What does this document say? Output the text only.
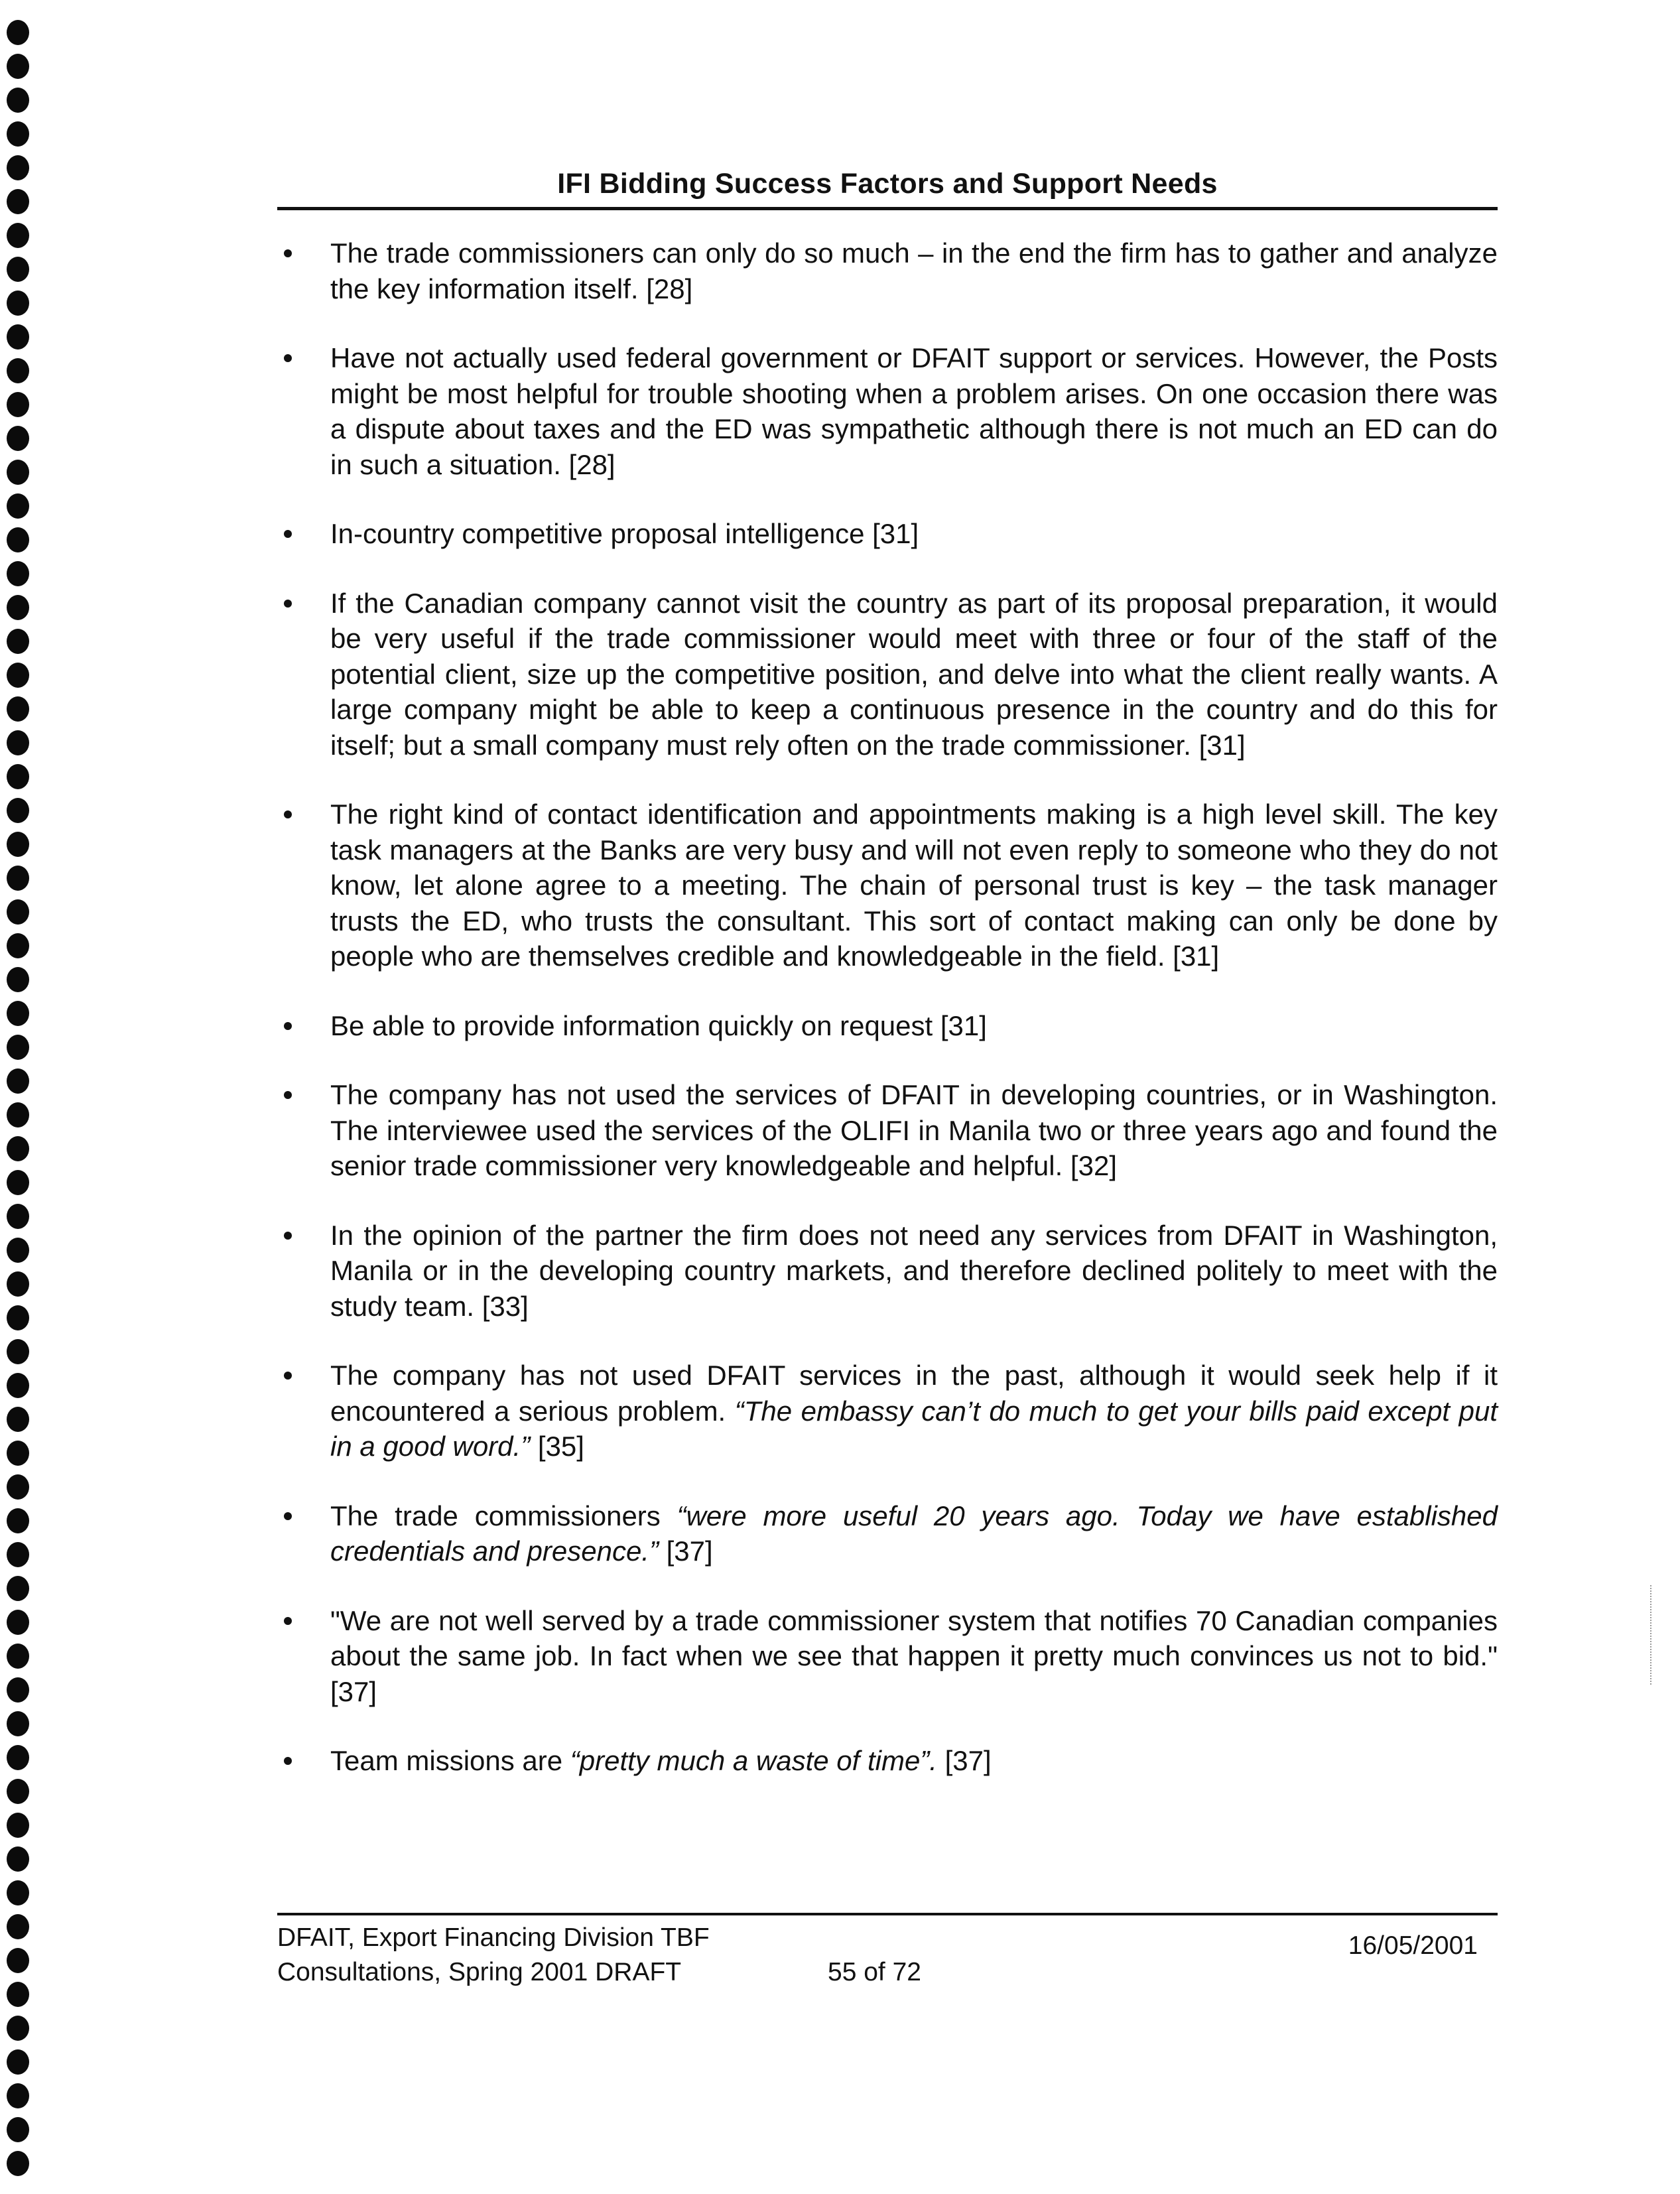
IFI Bidding Success Factors and Support Needs
The trade commissioners can only do so much – in the end the firm has to gather and analyze the key information itself. [28]
Have not actually used federal government or DFAIT support or services. However, the Posts might be most helpful for trouble shooting when a problem arises. On one occasion there was a dispute about taxes and the ED was sympathetic although there is not much an ED can do in such a situation. [28]
In-country competitive proposal intelligence [31]
If the Canadian company cannot visit the country as part of its proposal preparation, it would be very useful if the trade commissioner would meet with three or four of the staff of the potential client, size up the competitive position, and delve into what the client really wants. A large company might be able to keep a continuous presence in the country and do this for itself; but a small company must rely often on the trade commissioner. [31]
The right kind of contact identification and appointments making is a high level skill. The key task managers at the Banks are very busy and will not even reply to someone who they do not know, let alone agree to a meeting. The chain of personal trust is key – the task manager trusts the ED, who trusts the consultant. This sort of contact making can only be done by people who are themselves credible and knowledgeable in the field. [31]
Be able to provide information quickly on request [31]
The company has not used the services of DFAIT in developing countries, or in Washington. The interviewee used the services of the OLIFI in Manila two or three years ago and found the senior trade commissioner very knowledgeable and helpful. [32]
In the opinion of the partner the firm does not need any services from DFAIT in Washington, Manila or in the developing country markets, and therefore declined politely to meet with the study team. [33]
The company has not used DFAIT services in the past, although it would seek help if it encountered a serious problem. “The embassy can’t do much to get your bills paid except put in a good word.” [35]
The trade commissioners “were more useful 20 years ago. Today we have established credentials and presence.” [37]
"We are not well served by a trade commissioner system that notifies 70 Canadian companies about the same job. In fact when we see that happen it pretty much convinces us not to bid." [37]
Team missions are “pretty much a waste of time”. [37]
DFAIT, Export Financing Division TBF
Consultations, Spring 2001 DRAFT	55 of 72
16/05/2001
